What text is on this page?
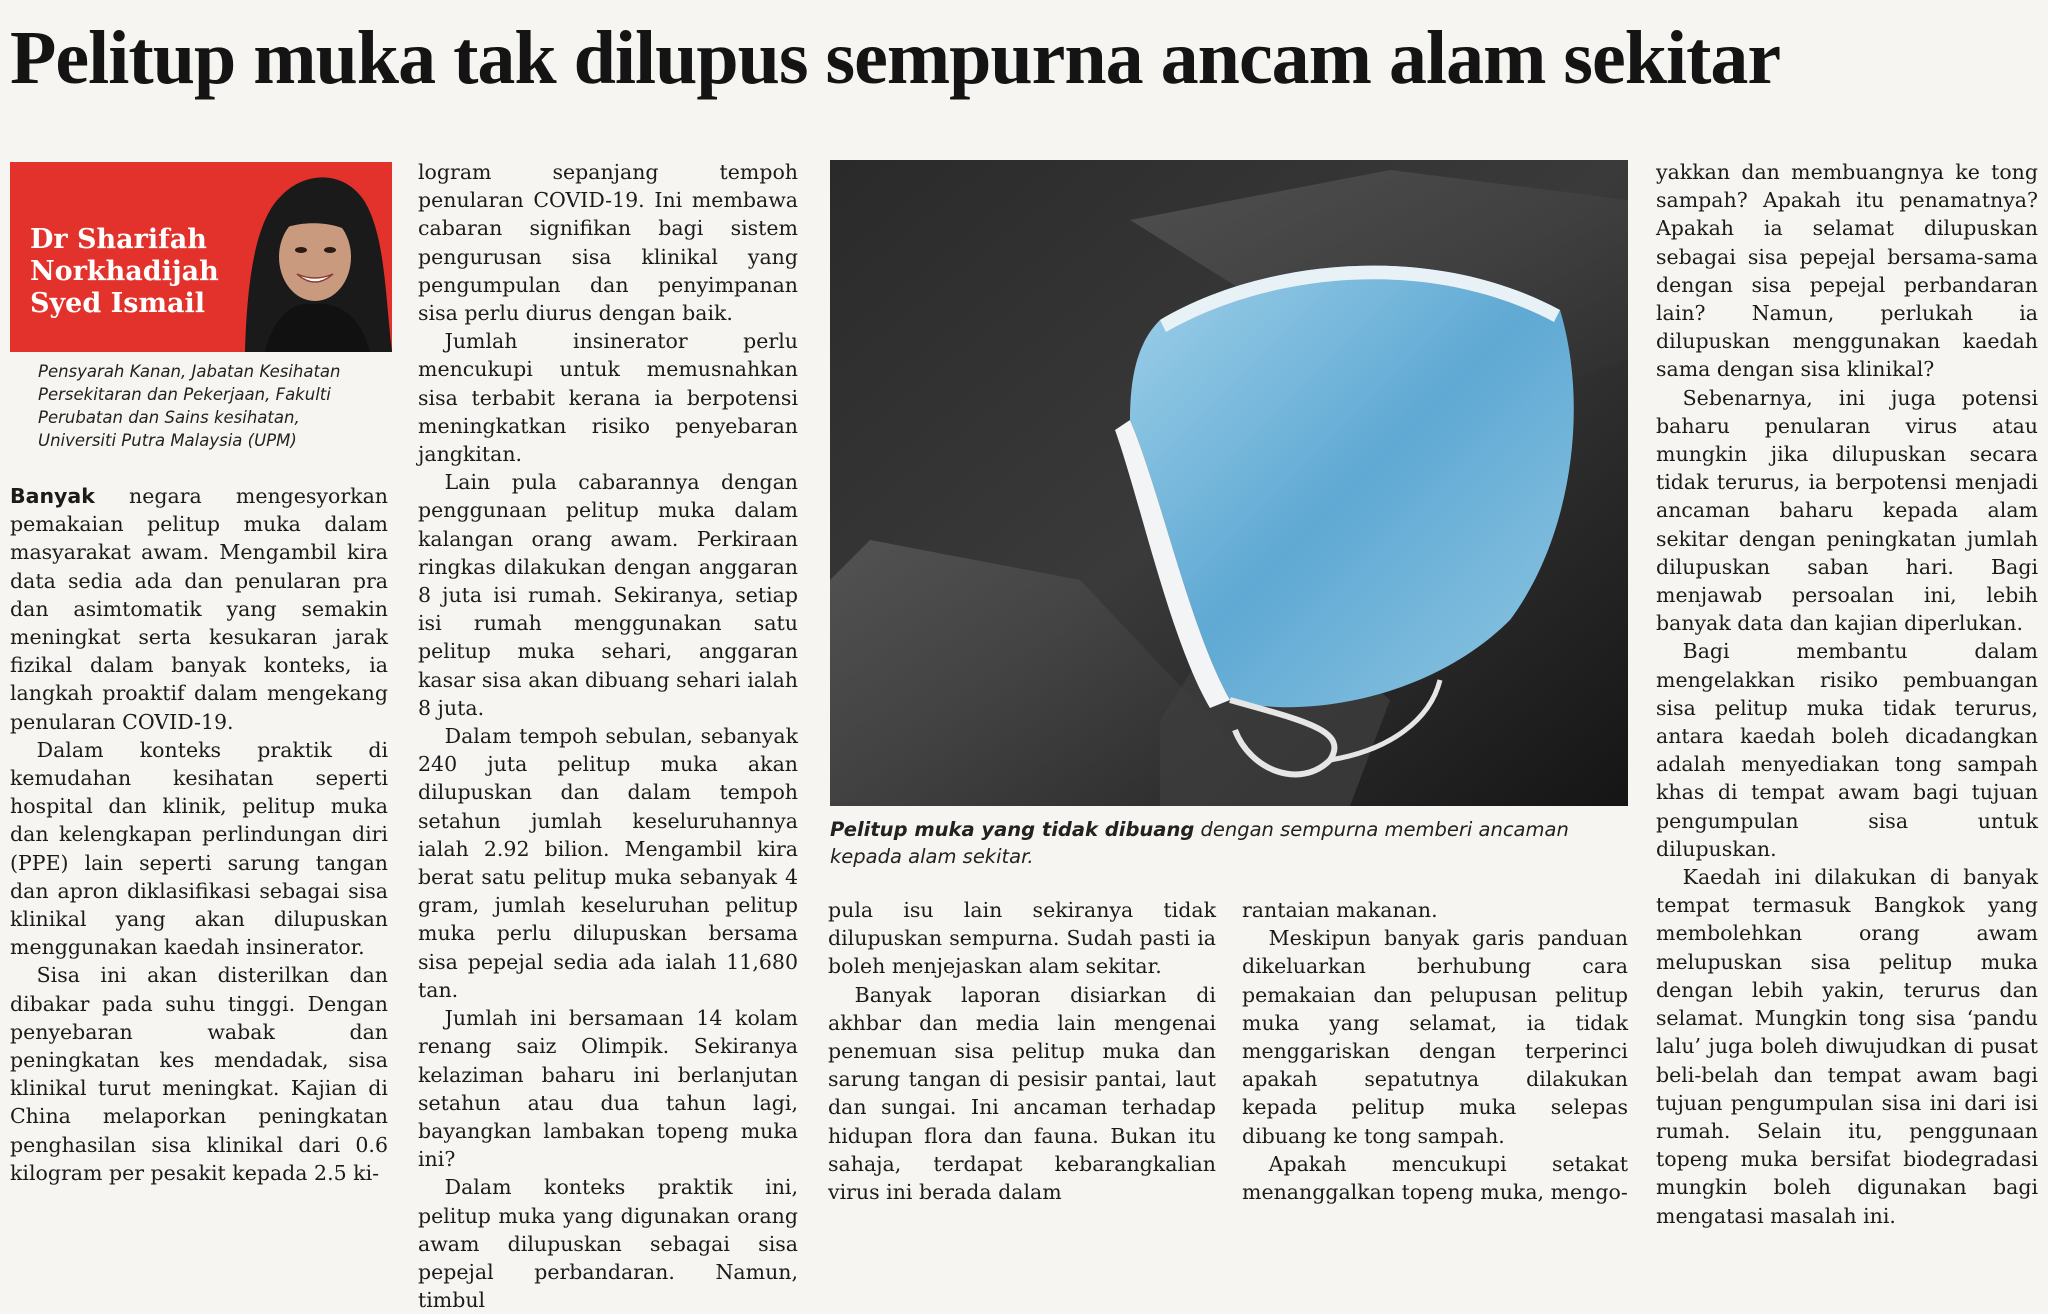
Pelitup muka tak dilupus sempurna ancam alam sekitar
Dr Sharifah
Norkhadijah
Syed Ismail
Pensyarah Kanan, Jabatan Kesihatan
Persekitaran dan Pekerjaan, Fakulti
Perubatan dan Sains kesihatan,
Universiti Putra Malaysia (UPM)

Banyak negara mengesyorkan pemakaian pelitup muka dalam masyarakat awam. Mengambil kira data sedia ada dan penularan pra dan asimtomatik yang semakin meningkat serta kesukaran jarak fizikal dalam banyak konteks, ia langkah proaktif dalam mengekang penularan COVID-19.

Dalam konteks praktik di kemudahan kesihatan seperti hospital dan klinik, pelitup muka dan kelengkapan perlindungan diri (PPE) lain seperti sarung tangan dan apron diklasifikasi sebagai sisa klinikal yang akan dilupuskan menggunakan kaedah insinerator.

Sisa ini akan disterilkan dan dibakar pada suhu tinggi. Dengan penyebaran wabak dan peningkatan kes mendadak, sisa klinikal turut meningkat. Kajian di China melaporkan peningkatan penghasilan sisa klinikal dari 0.6 kilogram per pesakit kepada 2.5 ki-

logram sepanjang tempoh penularan COVID-19. Ini membawa cabaran signifikan bagi sistem pengurusan sisa klinikal yang pengumpulan dan penyimpanan sisa perlu diurus dengan baik.

Jumlah insinerator perlu mencukupi untuk memusnahkan sisa terbabit kerana ia berpotensi meningkatkan risiko penyebaran jangkitan.

Lain pula cabarannya dengan penggunaan pelitup muka dalam kalangan orang awam. Perkiraan ringkas dilakukan dengan anggaran 8 juta isi rumah. Sekiranya, setiap isi rumah menggunakan satu pelitup muka sehari, anggaran kasar sisa akan dibuang sehari ialah 8 juta.

Dalam tempoh sebulan, sebanyak 240 juta pelitup muka akan dilupuskan dan dalam tempoh setahun jumlah keseluruhannya ialah 2.92 bilion. Mengambil kira berat satu pelitup muka sebanyak 4 gram, jumlah keseluruhan pelitup muka perlu dilupuskan bersama sisa pepejal sedia ada ialah 11,680 tan.

Jumlah ini bersamaan 14 kolam renang saiz Olimpik. Sekiranya kelaziman baharu ini berlanjutan setahun atau dua tahun lagi, bayangkan lambakan topeng muka ini?

Dalam konteks praktik ini, pelitup muka yang digunakan orang awam dilupuskan sebagai sisa pepejal perbandaran. Namun, timbul

Pelitup muka yang tidak dibuang dengan sempurna memberi ancaman kepada alam sekitar.

pula isu lain sekiranya tidak dilupuskan sempurna. Sudah pasti ia boleh menjejaskan alam sekitar.

Banyak laporan disiarkan di akhbar dan media lain mengenai penemuan sisa pelitup muka dan sarung tangan di pesisir pantai, laut dan sungai. Ini ancaman terhadap hidupan flora dan fauna. Bukan itu sahaja, terdapat kebarangkalian virus ini berada dalam

rantaian makanan.

Meskipun banyak garis panduan dikeluarkan berhubung cara pemakaian dan pelupusan pelitup muka yang selamat, ia tidak menggariskan dengan terperinci apakah sepatutnya dilakukan kepada pelitup muka selepas dibuang ke tong sampah.

Apakah mencukupi setakat menanggalkan topeng muka, mengo-

yakkan dan membuangnya ke tong sampah? Apakah itu penamatnya? Apakah ia selamat dilupuskan sebagai sisa pepejal bersama-sama dengan sisa pepejal perbandaran lain? Namun, perlukah ia dilupuskan menggunakan kaedah sama dengan sisa klinikal?

Sebenarnya, ini juga potensi baharu penularan virus atau mungkin jika dilupuskan secara tidak terurus, ia berpotensi menjadi ancaman baharu kepada alam sekitar dengan peningkatan jumlah dilupuskan saban hari. Bagi menjawab persoalan ini, lebih banyak data dan kajian diperlukan.

Bagi membantu dalam mengelakkan risiko pembuangan sisa pelitup muka tidak terurus, antara kaedah boleh dicadangkan adalah menyediakan tong sampah khas di tempat awam bagi tujuan pengumpulan sisa untuk dilupuskan.

Kaedah ini dilakukan di banyak tempat termasuk Bangkok yang membolehkan orang awam melupuskan sisa pelitup muka dengan lebih yakin, terurus dan selamat. Mungkin tong sisa ‘pandu lalu’ juga boleh diwujudkan di pusat beli-belah dan tempat awam bagi tujuan pengumpulan sisa ini dari isi rumah. Selain itu, penggunaan topeng muka bersifat biodegradasi mungkin boleh digunakan bagi mengatasi masalah ini.
